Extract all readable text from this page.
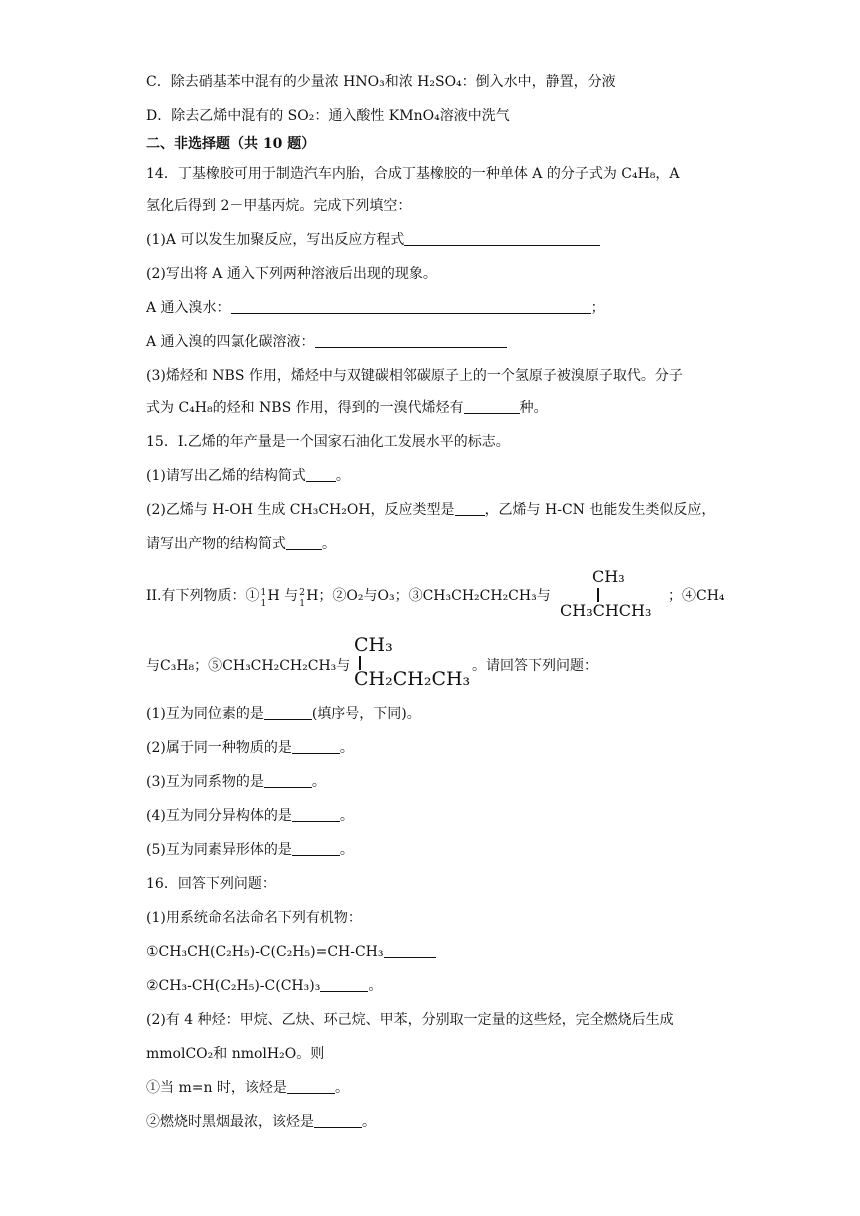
C．除去硝基苯中混有的少量浓 HNO₃和浓 H₂SO₄：倒入水中，静置，分液
D．除去乙烯中混有的 SO₂：通入酸性 KMnO₄溶液中洗气
二、非选择题（共 10 题）
14．丁基橡胶可用于制造汽车内胎，合成丁基橡胶的一种单体 A 的分子式为 C₄H₈，A
氢化后得到 2－甲基丙烷。完成下列填空：
(1)A 可以发生加聚反应，写出反应方程式
(2)写出将 A 通入下列两种溶液后出现的现象。
A 通入溴水：	；
A 通入溴的四氯化碳溶液：
(3)烯烃和 NBS 作用，烯烃中与双键碳相邻碳原子上的一个氢原子被溴原子取代。分子
式为 C₄H₈的烃和 NBS 作用，得到的一溴代烯烃有	种。
15．I.乙烯的年产量是一个国家石油化工发展水平的标志。
(1)请写出乙烯的结构简式 。
(2)乙烯与 H-OH 生成 CH₃CH₂OH，反应类型是 ，乙烯与 H-CN 也能发生类似反应，
请写出产物的结构简式	。
II.有下列物质：① 1
1 H 与 2
1 H；②O₂与O₃；③CH₃CH₂CH₂CH₃与
CH₃
CH₃CHCH₃
；④CH₄
与C₃H₈；⑤CH₃CH₂CH₂CH₃与
CH₃
CH₂CH₂CH₃
。请回答下列问题：
(1)互为同位素的是	(填序号，下同)。
(2)属于同一种物质的是	。
(3)互为同系物的是	。
(4)互为同分异构体的是	。
(5)互为同素异形体的是	。
16．回答下列问题：
(1)用系统命名法命名下列有机物：
①CH₃CH(C₂H₅)-C(C₂H₅)=CH-CH₃
②CH₃-CH(C₂H₅)-C(CH₃)₃	。
(2)有 4 种烃：甲烷、乙炔、环己烷、甲苯，分别取一定量的这些烃，完全燃烧后生成
mmolCO₂和 nmolH₂O。则
①当 m=n 时，该烃是	。
②燃烧时黑烟最浓，该烃是	。
